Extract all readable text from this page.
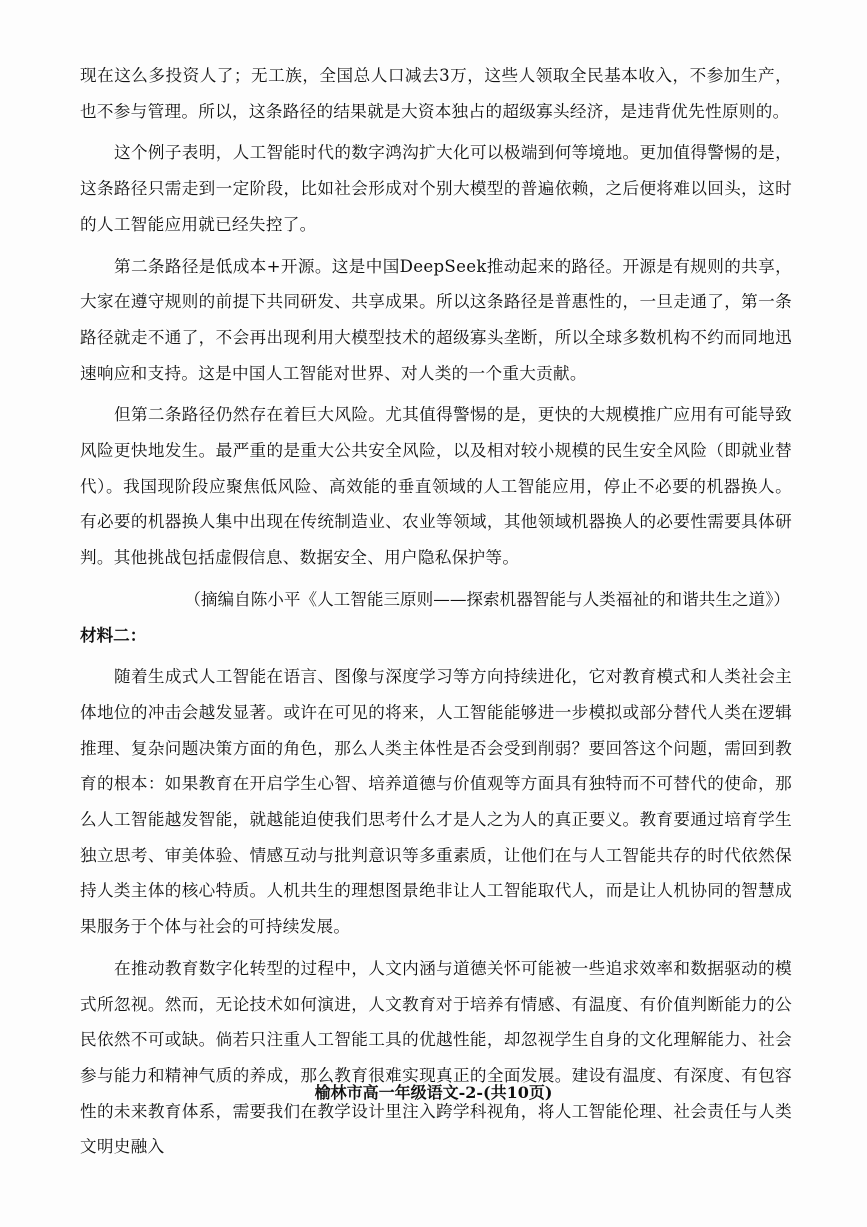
现在这么多投资人了；无工族，全国总人口减去3万，这些人领取全民基本收入，不参加生产，也不参与管理。所以，这条路径的结果就是大资本独占的超级寡头经济，是违背优先性原则的。

这个例子表明，人工智能时代的数字鸿沟扩大化可以极端到何等境地。更加值得警惕的是，这条路径只需走到一定阶段，比如社会形成对个别大模型的普遍依赖，之后便将难以回头，这时的人工智能应用就已经失控了。

第二条路径是低成本+开源。这是中国DeepSeek推动起来的路径。开源是有规则的共享，大家在遵守规则的前提下共同研发、共享成果。所以这条路径是普惠性的，一旦走通了，第一条路径就走不通了，不会再出现利用大模型技术的超级寡头垄断，所以全球多数机构不约而同地迅速响应和支持。这是中国人工智能对世界、对人类的一个重大贡献。

但第二条路径仍然存在着巨大风险。尤其值得警惕的是，更快的大规模推广应用有可能导致风险更快地发生。最严重的是重大公共安全风险，以及相对较小规模的民生安全风险（即就业替代）。我国现阶段应聚焦低风险、高效能的垂直领域的人工智能应用，停止不必要的机器换人。有必要的机器换人集中出现在传统制造业、农业等领域，其他领域机器换人的必要性需要具体研判。其他挑战包括虚假信息、数据安全、用户隐私保护等。

（摘编自陈小平《人工智能三原则——探索机器智能与人类福祉的和谐共生之道》）

材料二：

随着生成式人工智能在语言、图像与深度学习等方向持续进化，它对教育模式和人类社会主体地位的冲击会越发显著。或许在可见的将来，人工智能能够进一步模拟或部分替代人类在逻辑推理、复杂问题决策方面的角色，那么人类主体性是否会受到削弱？要回答这个问题，需回到教育的根本：如果教育在开启学生心智、培养道德与价值观等方面具有独特而不可替代的使命，那么人工智能越发智能，就越能迫使我们思考什么才是人之为人的真正要义。教育要通过培育学生独立思考、审美体验、情感互动与批判意识等多重素质，让他们在与人工智能共存的时代依然保持人类主体的核心特质。人机共生的理想图景绝非让人工智能取代人，而是让人机协同的智慧成果服务于个体与社会的可持续发展。

在推动教育数字化转型的过程中，人文内涵与道德关怀可能被一些追求效率和数据驱动的模式所忽视。然而，无论技术如何演进，人文教育对于培养有情感、有温度、有价值判断能力的公民依然不可或缺。倘若只注重人工智能工具的优越性能，却忽视学生自身的文化理解能力、社会参与能力和精神气质的养成，那么教育很难实现真正的全面发展。建设有温度、有深度、有包容性的未来教育体系，需要我们在教学设计里注入跨学科视角，将人工智能伦理、社会责任与人类文明史融入

榆林市高一年级语文-2-(共10页)
